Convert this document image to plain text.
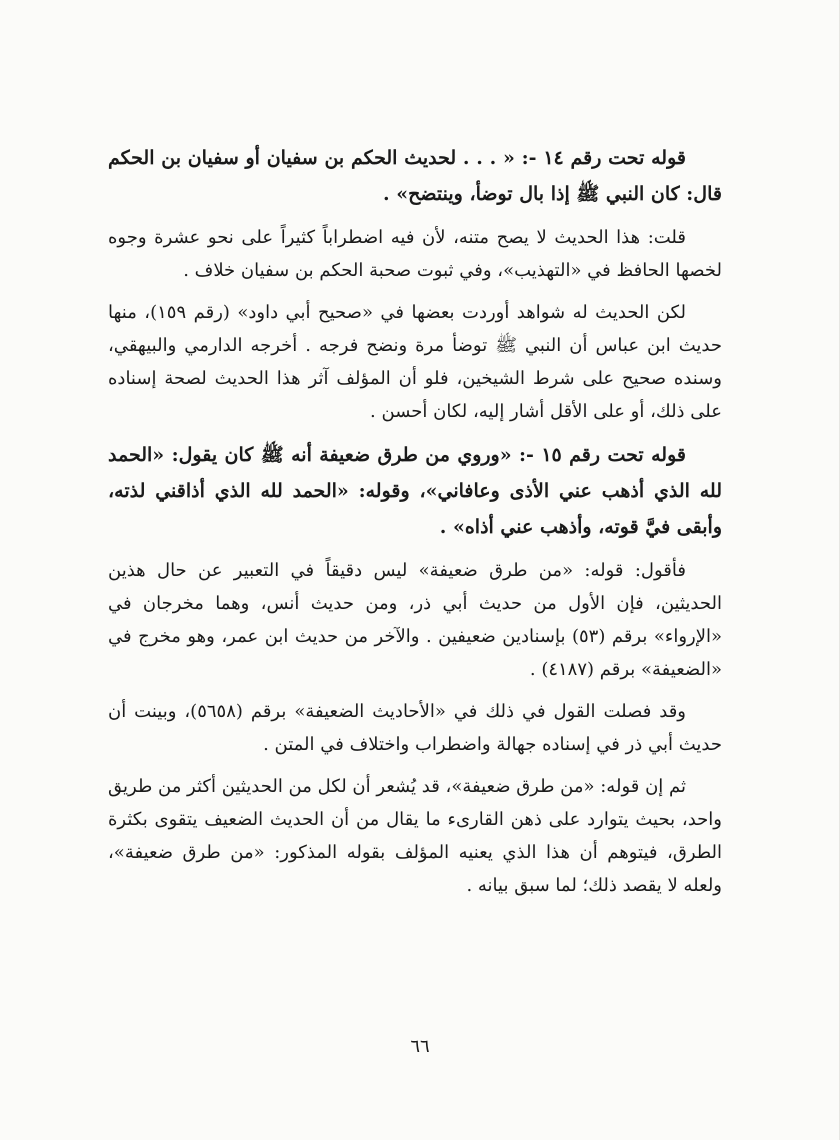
قوله تحت رقم ١٤ -: « . . . لحديث الحكم بن سفيان أو سفيان بن الحكم قال: كان النبي ﷺ إذا بال توضأ، وينتضح» .

قلت: هذا الحديث لا يصح متنه، لأن فيه اضطراباً كثيراً على نحو عشرة وجوه لخصها الحافظ في «التهذيب»، وفي ثبوت صحبة الحكم بن سفيان خلاف .

لكن الحديث له شواهد أوردت بعضها في «صحيح أبي داود» (رقم ١٥٩)، منها حديث ابن عباس أن النبي ﷺ توضأ مرة ونضح فرجه . أخرجه الدارمي والبيهقي، وسنده صحيح على شرط الشيخين، فلو أن المؤلف آثر هذا الحديث لصحة إسناده على ذلك، أو على الأقل أشار إليه، لكان أحسن .

قوله تحت رقم ١٥ -: «وروي من طرق ضعيفة أنه ﷺ كان يقول: «الحمد لله الذي أذهب عني الأذى وعافاني»، وقوله: «الحمد لله الذي أذاقني لذته، وأبقى فيَّ قوته، وأذهب عني أذاه» .

فأقول: قوله: «من طرق ضعيفة» ليس دقيقاً في التعبير عن حال هذين الحديثين، فإن الأول من حديث أبي ذر، ومن حديث أنس، وهما مخرجان في «الإرواء» برقم (٥٣) بإسنادين ضعيفين . والآخر من حديث ابن عمر، وهو مخرج في «الضعيفة» برقم (٤١٨٧) .

وقد فصلت القول في ذلك في «الأحاديث الضعيفة» برقم (٥٦٥٨)، وبينت أن حديث أبي ذر في إسناده جهالة واضطراب واختلاف في المتن .

ثم إن قوله: «من طرق ضعيفة»، قد يُشعر أن لكل من الحديثين أكثر من طريق واحد، بحيث يتوارد على ذهن القارىء ما يقال من أن الحديث الضعيف يتقوى بكثرة الطرق، فيتوهم أن هذا الذي يعنيه المؤلف بقوله المذكور: «من طرق ضعيفة»، ولعله لا يقصد ذلك؛ لما سبق بيانه .

٦٦
